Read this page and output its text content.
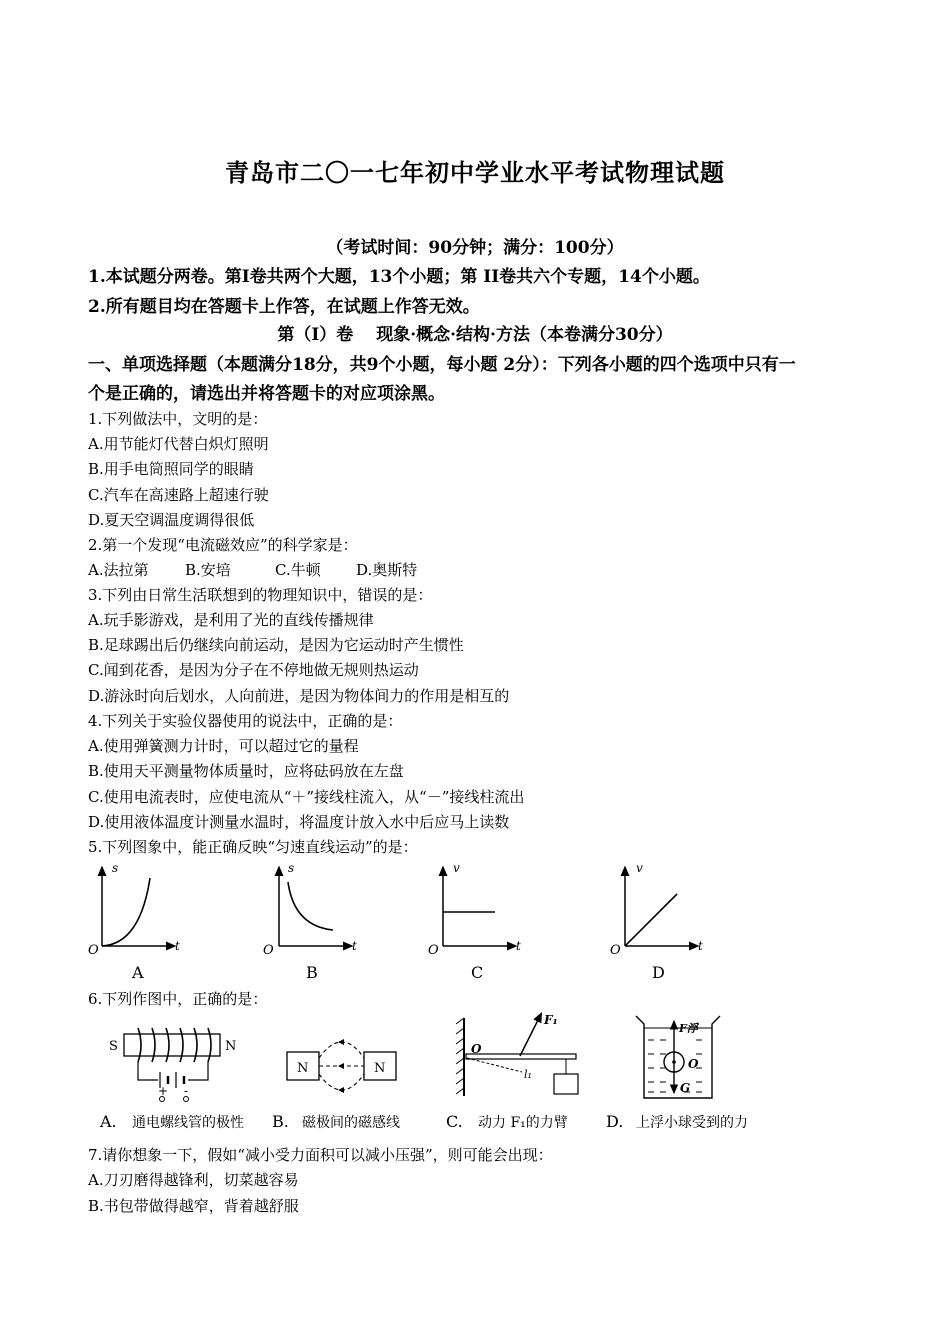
青岛市二〇一七年初中学业水平考试物理试题
（考试时间：90分钟；满分：100分）
1.本试题分两卷。第Ⅰ卷共两个大题，13个小题；第 II卷共六个专题，14个小题。
2.所有题目均在答题卡上作答，在试题上作答无效。
第（Ⅰ）卷　 现象·概念·结构·方法（本卷满分30分）
一、单项选择题（本题满分18分，共9个小题，每小题 2分）：下列各小题的四个选项中只有一
个是正确的，请选出并将答题卡的对应项涂黑。
1.下列做法中，文明的是：
A.用节能灯代替白炽灯照明
B.用手电筒照同学的眼睛
C.汽车在高速路上超速行驶
D.夏天空调温度调得很低
2.第一个发现“电流磁效应”的科学家是：
A.法拉第 B.安培	C.牛顿 D.奥斯特
3.下列由日常生活联想到的物理知识中，错误的是：
A.玩手影游戏，是利用了光的直线传播规律
B.足球踢出后仍继续向前运动，是因为它运动时产生惯性
C.闻到花香，是因为分子在不停地做无规则热运动
D.游泳时向后划水，人向前进，是因为物体间力的作用是相互的
4.下列关于实验仪器使用的说法中，正确的是：
A.使用弹簧测力计时，可以超过它的量程
B.使用天平测量物体质量时，应将砝码放在左盘
C.使用电流表时，应使电流从“＋”接线柱流入，从“－”接线柱流出
D.使用液体温度计测量水温时，将温度计放入水中后应马上读数
5.下列图象中，能正确反映“匀速直线运动”的是：
s
t
O
A
s
t
O
B
v
t
O
C
v
t
O
D
6.下列作图中，正确的是：
S	N
+ -
N	N
F₁
O
l₁
F浮
O
G
A. 通电螺线管的极性 B. 磁极间的磁感线	C. 动力 F₁的力臂 D. 上浮小球受到的力
7.请你想象一下，假如“减小受力面积可以减小压强”，则可能会出现：
A.刀刃磨得越锋利，切菜越容易
B.书包带做得越窄，背着越舒服
